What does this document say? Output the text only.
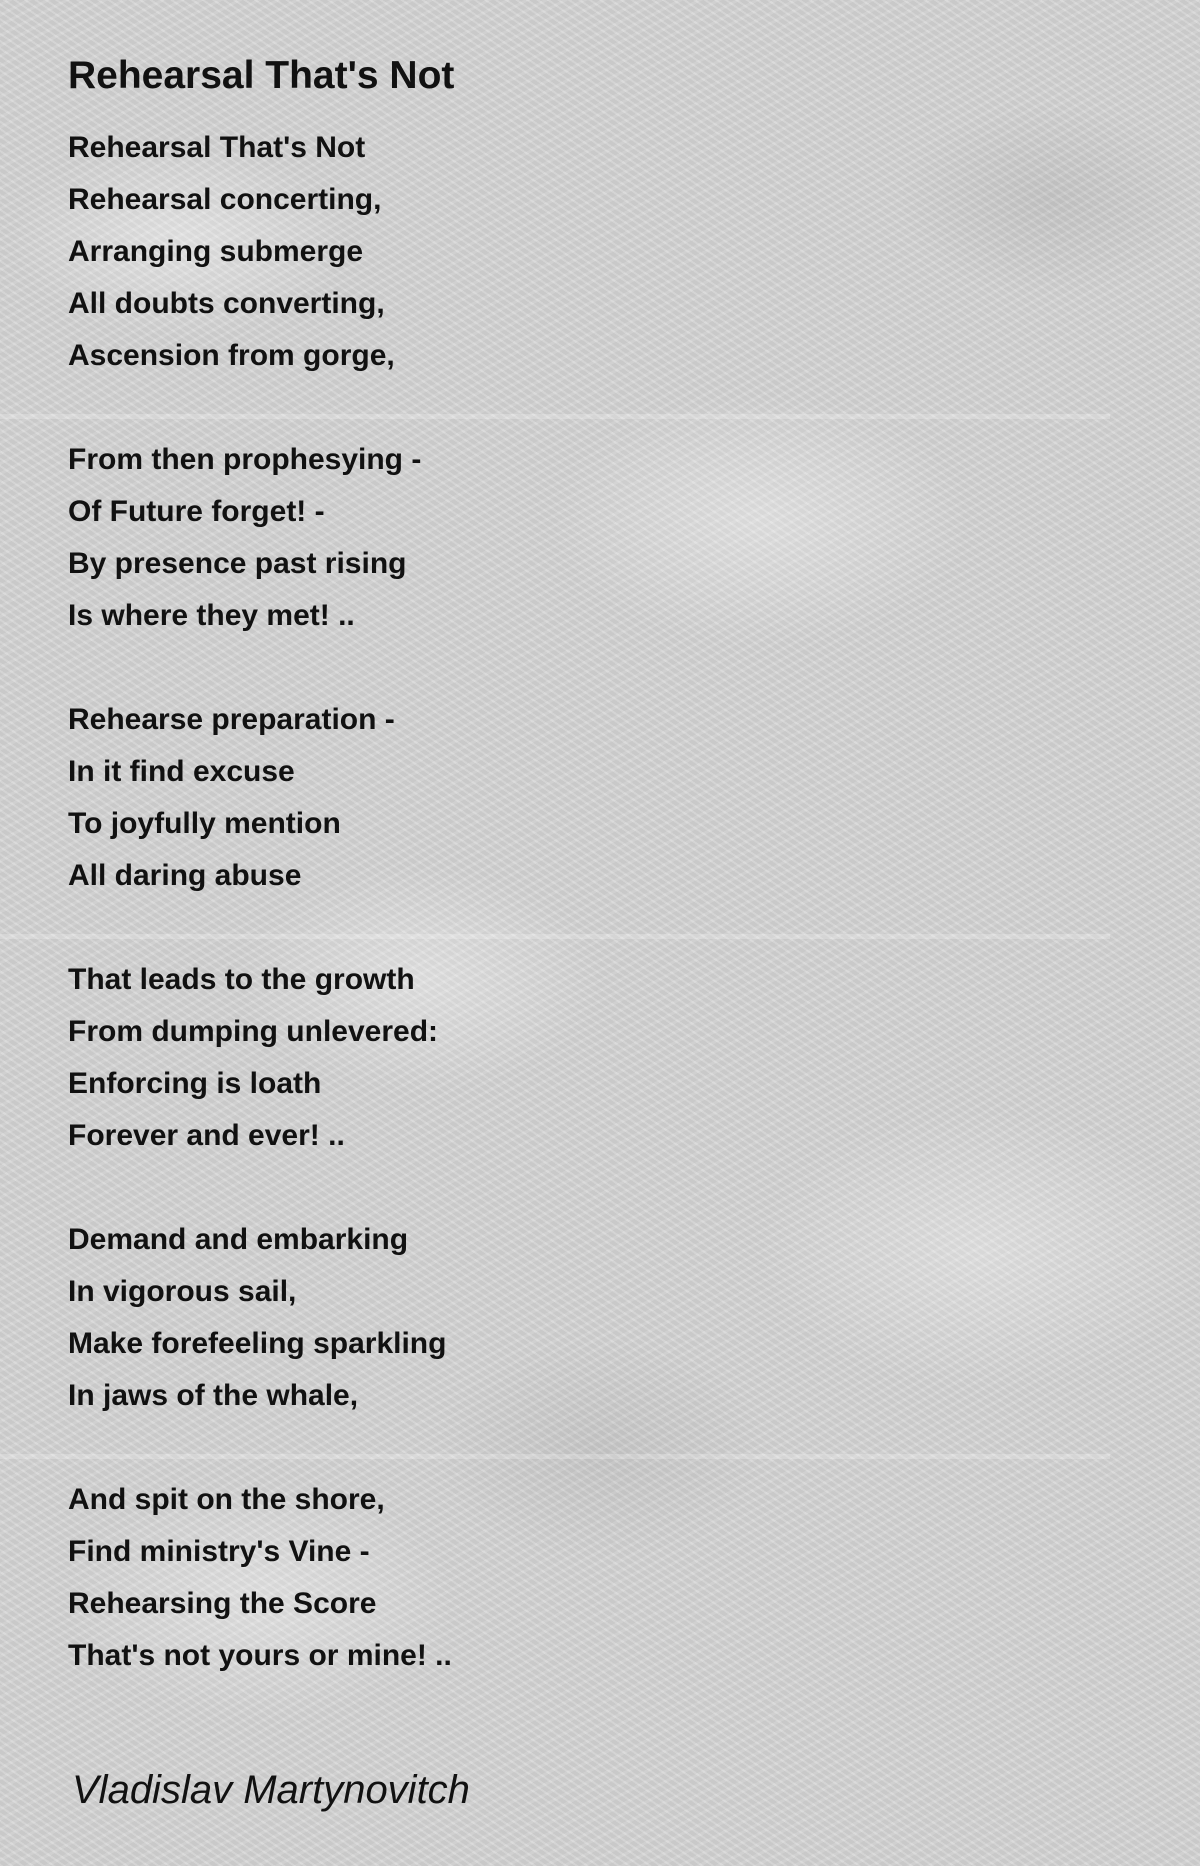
Rehearsal That's Not
Rehearsal That's Not
Rehearsal concerting,
Arranging submerge
All doubts converting,
Ascension from gorge,
From then prophesying -
Of Future forget! -
By presence past rising
Is where they met! ..
Rehearse preparation -
In it find excuse
To joyfully mention
All daring abuse
That leads to the growth
From dumping unlevered:
Enforcing is loath
Forever and ever! ..
Demand and embarking
In vigorous sail,
Make forefeeling sparkling
In jaws of the whale,
And spit on the shore,
Find ministry's Vine -
Rehearsing the Score
That's not yours or mine! ..
Vladislav Martynovitch
